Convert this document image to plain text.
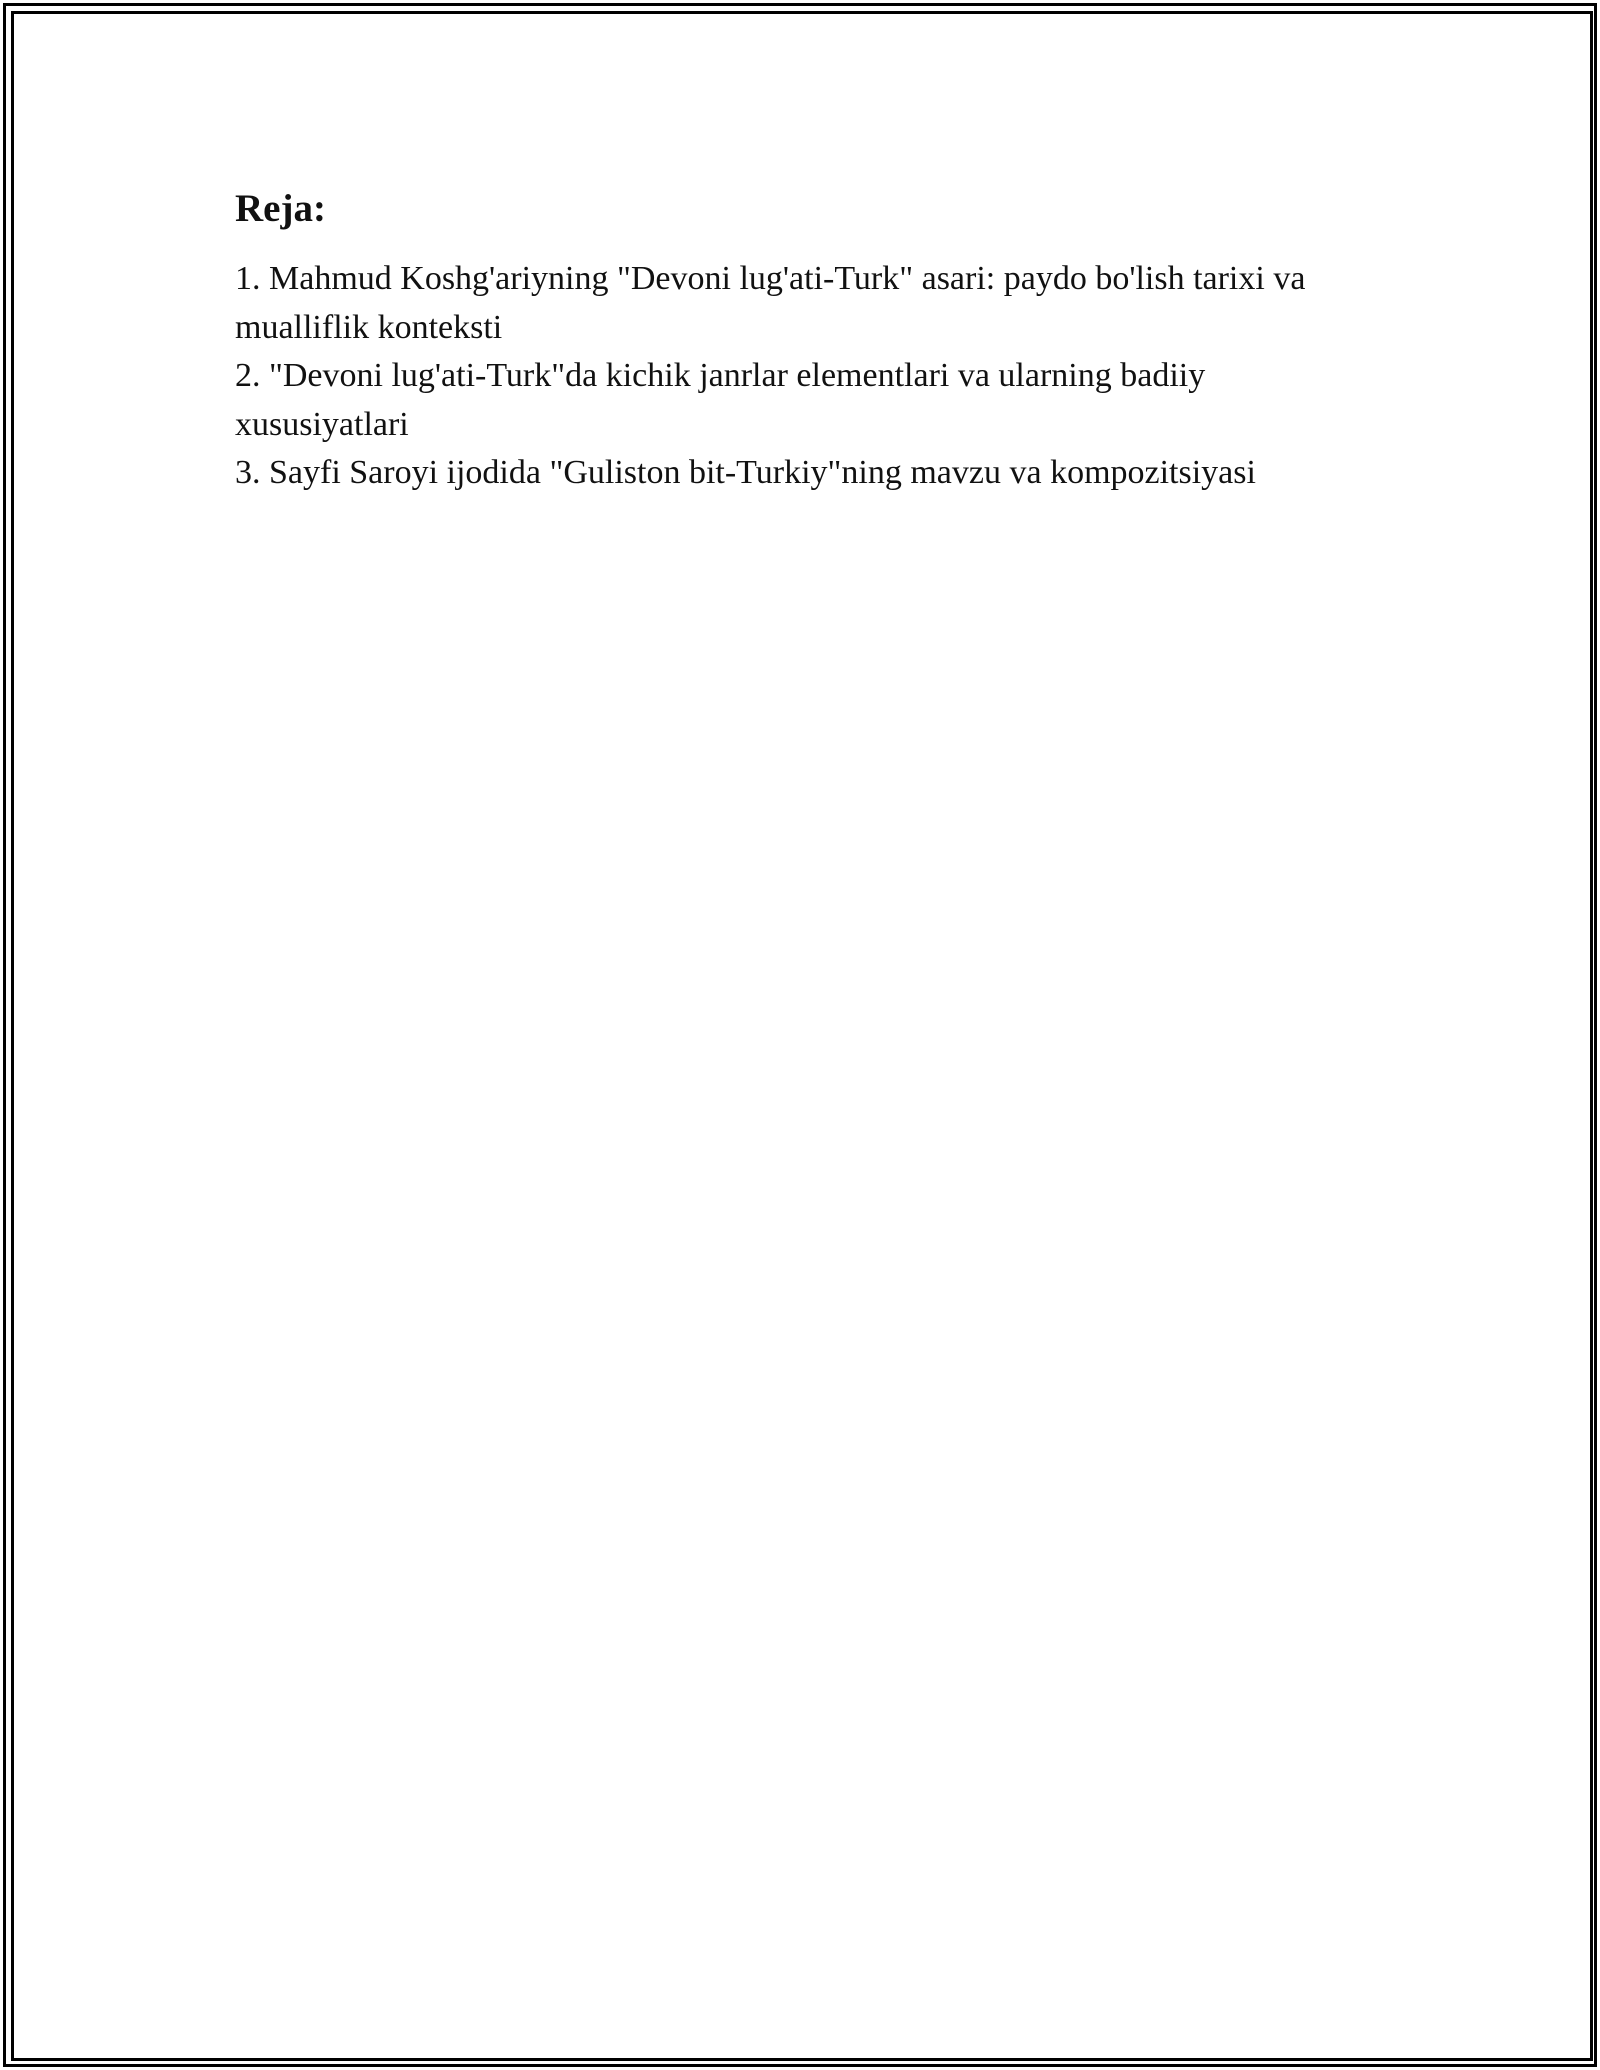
Reja:
1. Mahmud Koshg'ariyning "Devoni lug'ati-Turk" asari: paydo bo'lish tarixi va mualliflik konteksti
2. "Devoni lug'ati-Turk"da kichik janrlar elementlari va ularning badiiy xususiyatlari
3. Sayfi Saroyi ijodida "Guliston bit-Turkiy"ning mavzu va kompozitsiyasi
